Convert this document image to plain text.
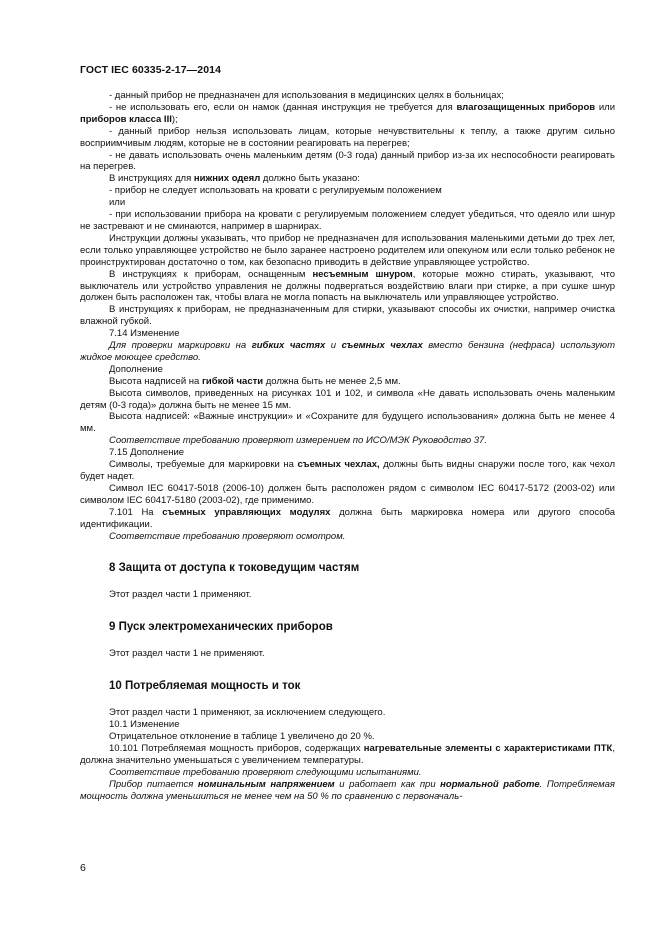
ГОСТ IEC 60335-2-17—2014

- данный прибор не предназначен для использования в медицинских целях в больницах;

- не использовать его, если он намок (данная инструкция не требуется для влагозащищенных приборов или приборов класса III);

- данный прибор нельзя использовать лицам, которые нечувствительны к теплу, а также другим сильно восприимчивым людям, которые не в состоянии реагировать на перегрев;

- не давать использовать очень маленьким детям (0-3 года) данный прибор из-за их неспособности реагировать на перегрев.

В инструкциях для нижних одеял должно быть указано:

- прибор не следует использовать на кровати с регулируемым положением

или

- при использовании прибора на кровати с регулируемым положением следует убедиться, что одеяло или шнур не застревают и не сминаются, например в шарнирах.

Инструкции должны указывать, что прибор не предназначен для использования маленькими детьми до трех лет, если только управляющее устройство не было заранее настроено родителем или опекуном или если только ребенок не проинструктирован достаточно о том, как безопасно приводить в действие управляющее устройство.

В инструкциях к приборам, оснащенным несъемным шнуром, которые можно стирать, указывают, что выключатель или устройство управления не должны подвергаться воздействию влаги при стирке, а при сушке шнур должен быть расположен так, чтобы влага не могла попасть на выключатель или управляющее устройство.

В инструкциях к приборам, не предназначенным для стирки, указывают способы их очистки, например очистка влажной губкой.

7.14 Изменение

Для проверки маркировки на гибких частях и съемных чехлах вместо бензина (нефраса) используют жидкое моющее средство.

Дополнение

Высота надписей на гибкой части должна быть не менее 2,5 мм.

Высота символов, приведенных на рисунках 101 и 102, и символа «Не давать использовать очень маленьким детям (0-3 года)» должна быть не менее 15 мм.

Высота надписей: «Важные инструкции» и «Сохраните для будущего использования» должна быть не менее 4 мм.

Соответствие требованию проверяют измерением по ИСО/МЭК Руководство 37.

7.15 Дополнение

Символы, требуемые для маркировки на съемных чехлах, должны быть видны снаружи после того, как чехол будет надет.

Символ IEC 60417-5018 (2006-10) должен быть расположен рядом с символом IEC 60417-5172 (2003-02) или символом IEC 60417-5180 (2003-02), где применимо.

7.101 На съемных управляющих модулях должна быть маркировка номера или другого способа идентификации.

Соответствие требованию проверяют осмотром.

8 Защита от доступа к токоведущим частям

Этот раздел части 1 применяют.

9 Пуск электромеханических приборов

Этот раздел части 1 не применяют.

10 Потребляемая мощность и ток

Этот раздел части 1 применяют, за исключением следующего.

10.1 Изменение

Отрицательное отклонение в таблице 1 увеличено до 20 %.

10.101 Потребляемая мощность приборов, содержащих нагревательные элементы с характеристиками ПТК, должна значительно уменьшаться с увеличением температуры.

Соответствие требованию проверяют следующими испытаниями.

Прибор питается номинальным напряжением и работает как при нормальной работе. Потребляемая мощность должна уменьшиться не менее чем на 50 % по сравнению с первоначаль-

6
